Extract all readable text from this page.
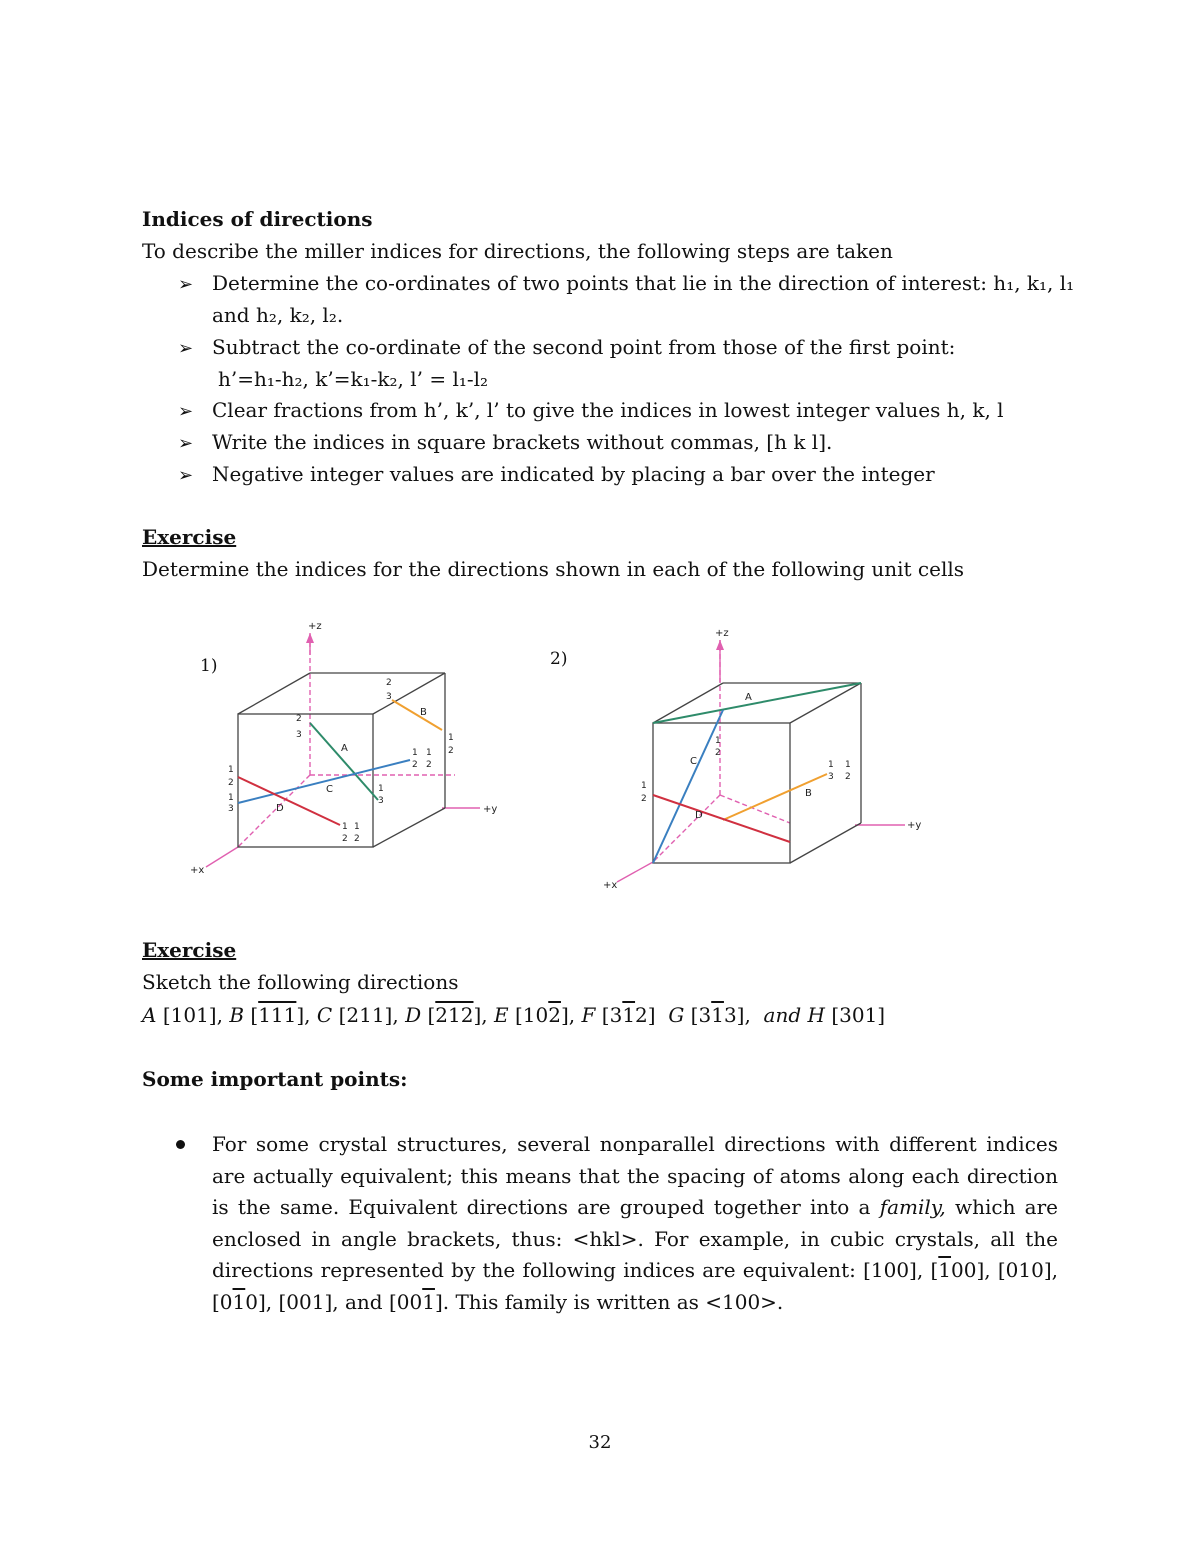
Indices of directions
To describe the miller indices for directions, the following steps are taken
➢ Determine the co-ordinates of two points that lie in the direction of interest: h₁, k₁, l₁
and h₂, k₂, l₂.
➢ Subtract the co-ordinate of the second point from those of the first point:
h’=h₁-h₂, k’=k₁-k₂, l’ = l₁-l₂
➢ Clear fractions from h’, k’, l’ to give the indices in lowest integer values h, k, l
➢ Write the indices in square brackets without commas, [h k l].
➢ Negative integer values are indicated by placing a bar over the integer
Exercise
Determine the indices for the directions shown in each of the following unit cells
1)	2)
+z
+y
+x
A
B
C
D
2
3
2
3
1
2
1 1
2 2
1
3
1
2
1
3
1 1
2 2
+z
+y
+x
A
B
C
D
1
2
1
2
1 1
3 2
Exercise
Sketch the following directions
A [101], B [111], C [211], D [212], E [102], F [312]  G [313],  and H [301]
Some important points:
For some crystal structures, several nonparallel directions with different indices are actually equivalent; this means that the spacing of atoms along each direction is the same. Equivalent directions are grouped together into a family, which are enclosed in angle brackets, thus: <hkl>. For example, in cubic crystals, all the directions represented by the following indices are equivalent: [100], [100], [010], [010], [001], and [001]. This family is written as <100>.
32
